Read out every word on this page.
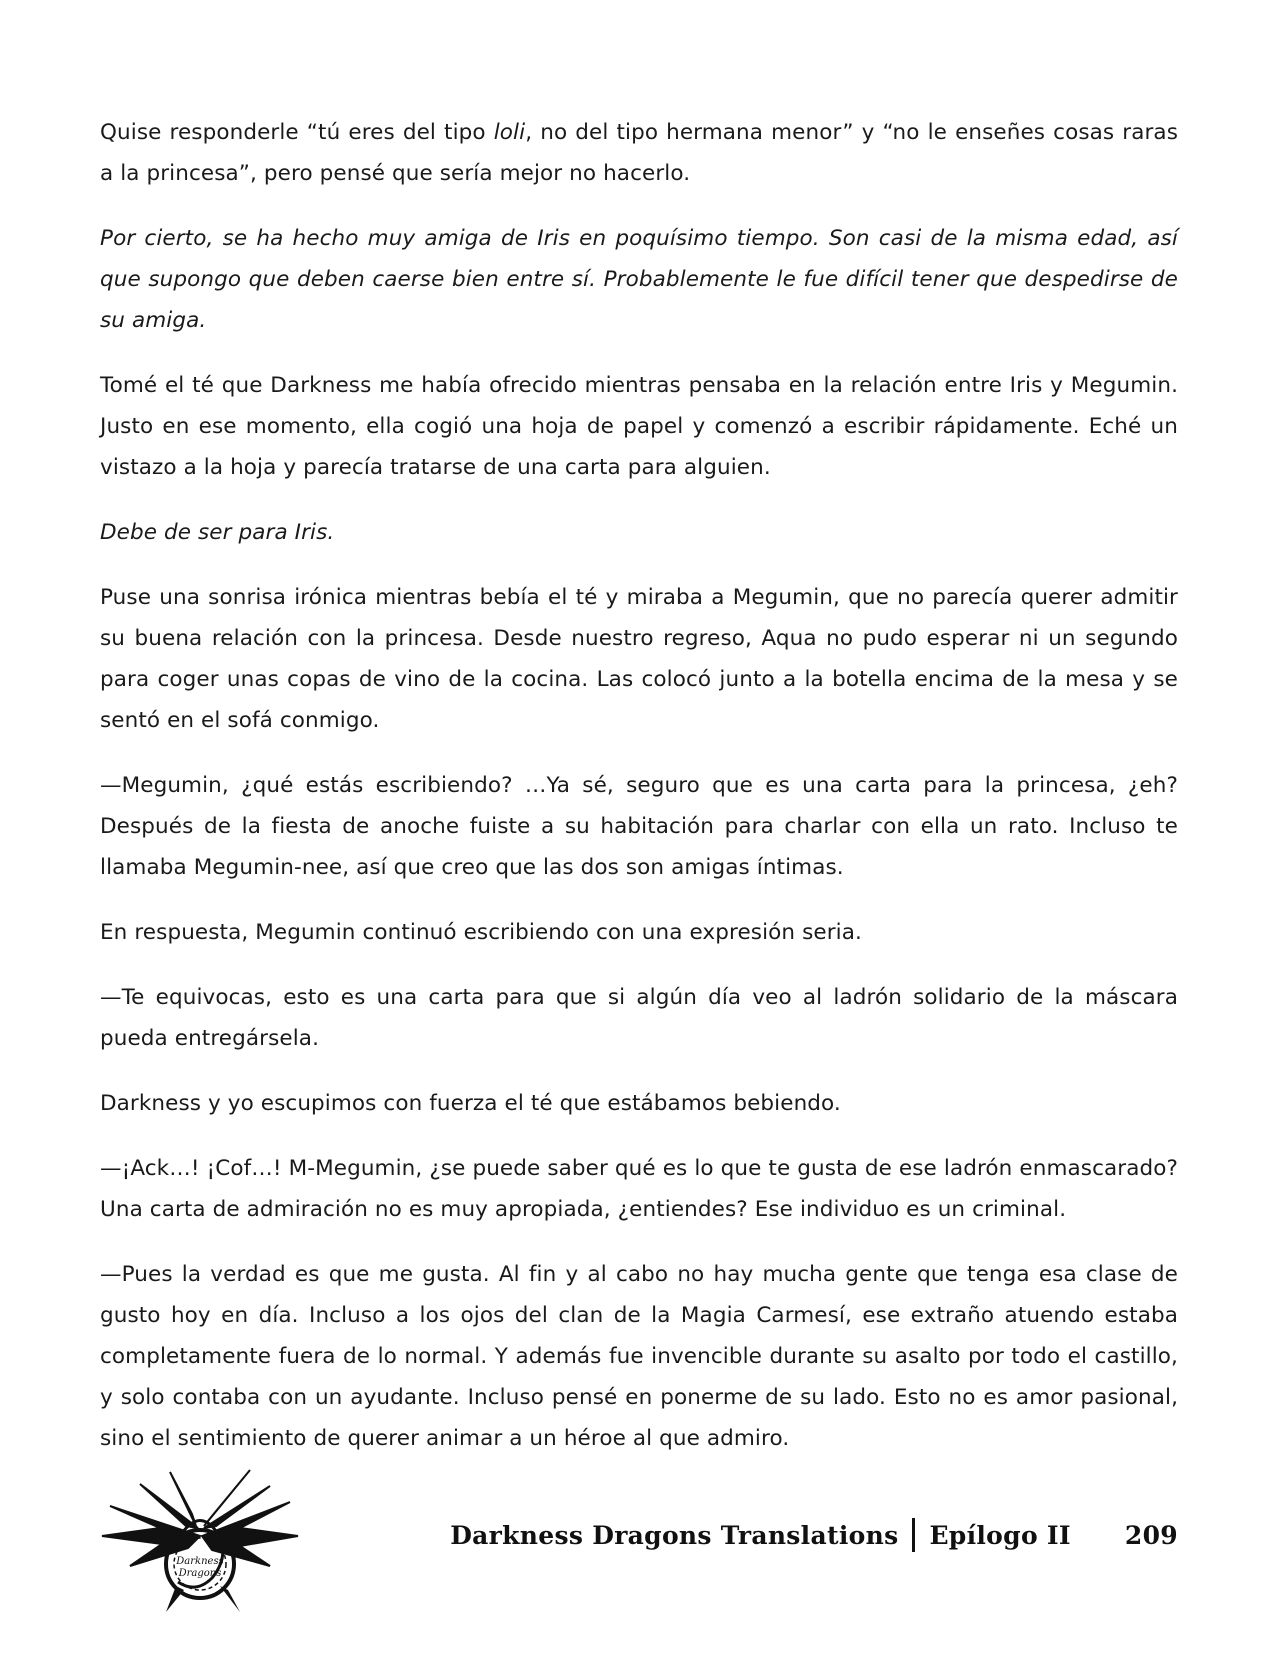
Quise responderle “tú eres del tipo loli, no del tipo hermana menor” y “no le enseñes cosas raras a la princesa”, pero pensé que sería mejor no hacerlo.

Por cierto, se ha hecho muy amiga de Iris en poquísimo tiempo. Son casi de la misma edad, así que supongo que deben caerse bien entre sí. Probablemente le fue difícil tener que despedirse de su amiga.

Tomé el té que Darkness me había ofrecido mientras pensaba en la relación entre Iris y Megumin. Justo en ese momento, ella cogió una hoja de papel y comenzó a escribir rápidamente. Eché un vistazo a la hoja y parecía tratarse de una carta para alguien.

Debe de ser para Iris.

Puse una sonrisa irónica mientras bebía el té y miraba a Megumin, que no parecía querer admitir su buena relación con la princesa. Desde nuestro regreso, Aqua no pudo esperar ni un segundo para coger unas copas de vino de la cocina. Las colocó junto a la botella encima de la mesa y se sentó en el sofá conmigo.

—Megumin, ¿qué estás escribiendo? …Ya sé, seguro que es una carta para la princesa, ¿eh? Después de la fiesta de anoche fuiste a su habitación para charlar con ella un rato. Incluso te llamaba Megumin-nee, así que creo que las dos son amigas íntimas.

En respuesta, Megumin continuó escribiendo con una expresión seria.

—Te equivocas, esto es una carta para que si algún día veo al ladrón solidario de la máscara pueda entregársela.

Darkness y yo escupimos con fuerza el té que estábamos bebiendo.

—¡Ack…! ¡Cof…! M-Megumin, ¿se puede saber qué es lo que te gusta de ese ladrón enmascarado? Una carta de admiración no es muy apropiada, ¿entiendes? Ese individuo es un criminal.

—Pues la verdad es que me gusta. Al fin y al cabo no hay mucha gente que tenga esa clase de gusto hoy en día. Incluso a los ojos del clan de la Magia Carmesí, ese extraño atuendo estaba completamente fuera de lo normal. Y además fue invencible durante su asalto por todo el castillo, y solo contaba con un ayudante. Incluso pensé en ponerme de su lado. Esto no es amor pasional, sino el sentimiento de querer animar a un héroe al que admiro.

Darkness
Dragons
Darkness Dragons Translations Epílogo II 209
